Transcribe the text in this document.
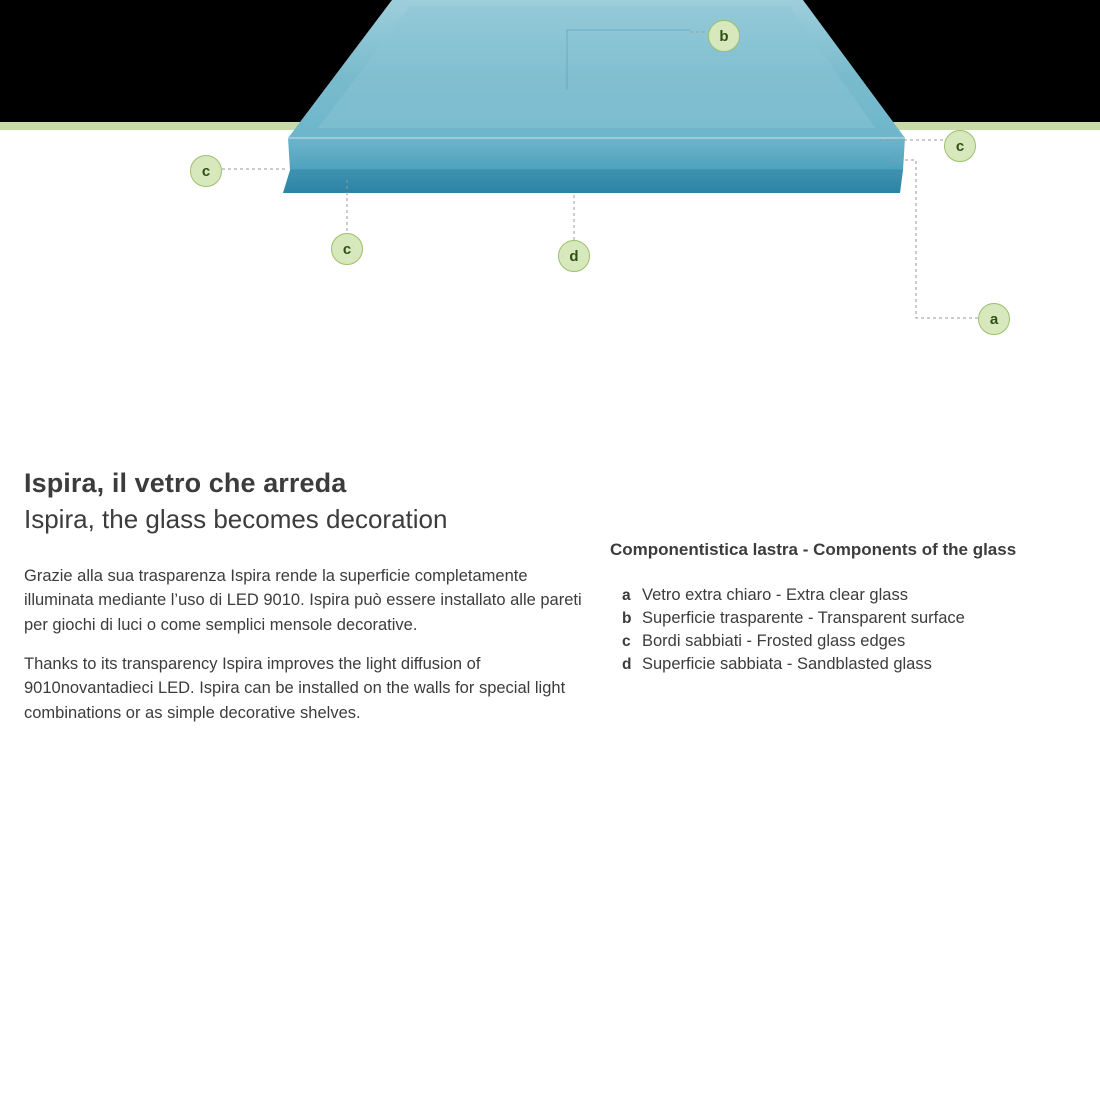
b
c
c
c	d
a
Ispira, il vetro che arreda
Ispira, the glass becomes decoration
Grazie alla sua trasparenza Ispira rende la superficie completamente illuminata mediante l’uso di LED 9010. Ispira può essere installato alle pareti per giochi di luci o come semplici mensole decorative.
Thanks to its transparency Ispira improves the light diffusion of 9010novantadieci LED. Ispira can be installed on the walls for special light combinations or as simple decorative shelves.
Componentistica lastra - Components of the glass
a Vetro extra chiaro - Extra clear glass
b Superficie trasparente - Transparent surface
c Bordi sabbiati - Frosted glass edges
d Superficie sabbiata - Sandblasted glass
